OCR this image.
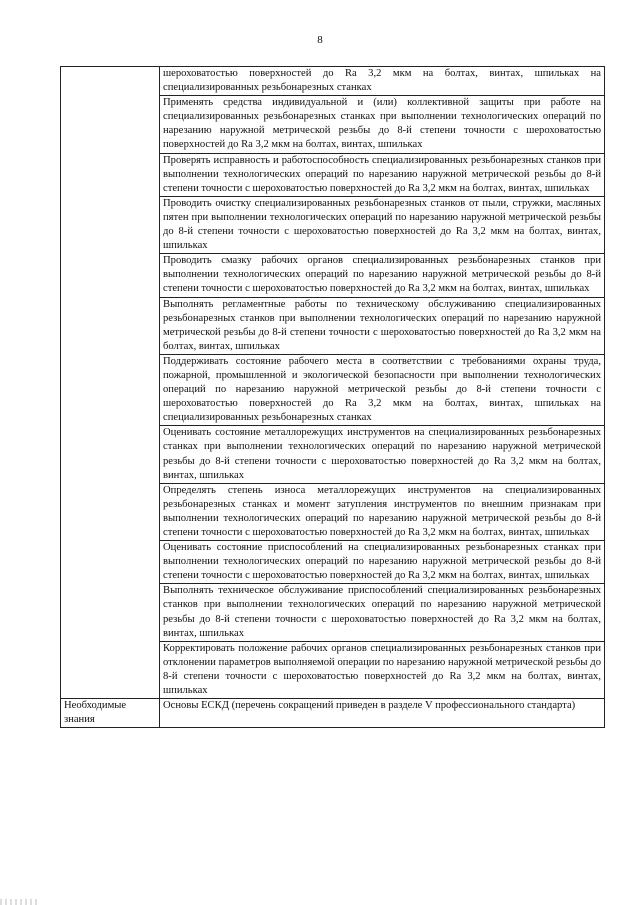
8
	шероховатостью поверхностей до Ra 3,2 мкм на болтах, винтах, шпильках на специализированных резьбонарезных станках
	Применять средства индивидуальной и (или) коллективной защиты при работе на специализированных резьбонарезных станках при выполнении технологических операций по нарезанию наружной метрической резьбы до 8-й степени точности с шероховатостью поверхностей до Ra 3,2 мкм на болтах, винтах, шпильках
	Проверять исправность и работоспособность специализированных резьбонарезных станков при выполнении технологических операций по нарезанию наружной метрической резьбы до 8-й степени точности с шероховатостью поверхностей до Ra 3,2 мкм на болтах, винтах, шпильках
	Проводить очистку специализированных резьбонарезных станков от пыли, стружки, масляных пятен при выполнении технологических операций по нарезанию наружной метрической резьбы до 8-й степени точности с шероховатостью поверхностей до Ra 3,2 мкм на болтах, винтах, шпильках
	Проводить смазку рабочих органов специализированных резьбонарезных станков при выполнении технологических операций по нарезанию наружной метрической резьбы до 8-й степени точности с шероховатостью поверхностей до Ra 3,2 мкм на болтах, винтах, шпильках
	Выполнять регламентные работы по техническому обслуживанию специализированных резьбонарезных станков при выполнении технологических операций по нарезанию наружной метрической резьбы до 8-й степени точности с шероховатостью поверхностей до Ra 3,2 мкм на болтах, винтах, шпильках
	Поддерживать состояние рабочего места в соответствии с требованиями охраны труда, пожарной, промышленной и экологической безопасности при выполнении технологических операций по нарезанию наружной метрической резьбы до 8-й степени точности с шероховатостью поверхностей до Ra 3,2 мкм на болтах, винтах, шпильках на специализированных резьбонарезных станках
	Оценивать состояние металлорежущих инструментов на специализированных резьбонарезных станках при выполнении технологических операций по нарезанию наружной метрической резьбы до 8-й степени точности с шероховатостью поверхностей до Ra 3,2 мкм на болтах, винтах, шпильках
	Определять степень износа металлорежущих инструментов на специализированных резьбонарезных станках и момент затупления инструментов по внешним признакам при выполнении технологических операций по нарезанию наружной метрической резьбы до 8-й степени точности с шероховатостью поверхностей до Ra 3,2 мкм на болтах, винтах, шпильках
	Оценивать состояние приспособлений на специализированных резьбонарезных станках при выполнении технологических операций по нарезанию наружной метрической резьбы до 8-й степени точности с шероховатостью поверхностей до Ra 3,2 мкм на болтах, винтах, шпильках
	Выполнять техническое обслуживание приспособлений специализированных резьбонарезных станков при выполнении технологических операций по нарезанию наружной метрической резьбы до 8-й степени точности с шероховатостью поверхностей до Ra 3,2 мкм на болтах, винтах, шпильках
	Корректировать положение рабочих органов специализированных резьбонарезных станков при отклонении параметров выполняемой операции по нарезанию наружной метрической резьбы до 8-й степени точности с шероховатостью поверхностей до Ra 3,2 мкм на болтах, винтах, шпильках
Необходимые знания	Основы ЕСКД (перечень сокращений приведен в разделе V профессионального стандарта)
